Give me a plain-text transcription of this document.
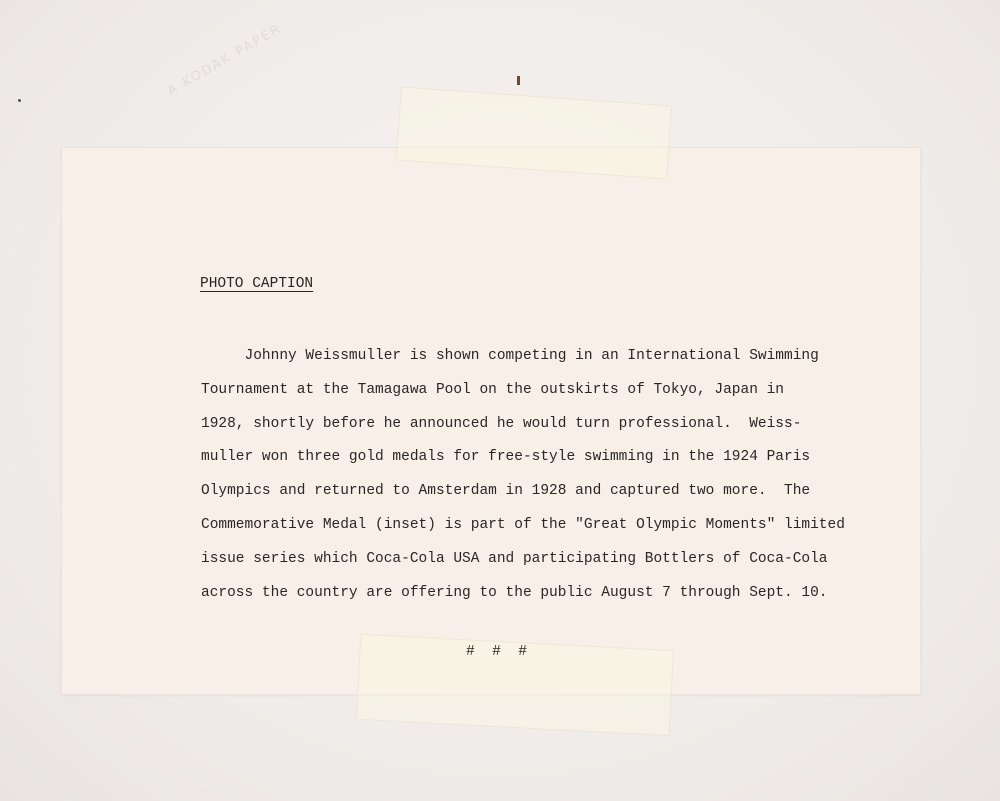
A KODAK PAPER
PHOTO CAPTION
Johnny Weissmuller is shown competing in an International Swimming
Tournament at the Tamagawa Pool on the outskirts of Tokyo, Japan in
1928, shortly before he announced he would turn professional.  Weiss-
muller won three gold medals for free-style swimming in the 1924 Paris
Olympics and returned to Amsterdam in 1928 and captured two more.  The
Commemorative Medal (inset) is part of the "Great Olympic Moments" limited
issue series which Coca-Cola USA and participating Bottlers of Coca-Cola
across the country are offering to the public August 7 through Sept. 10.
#  #  #
